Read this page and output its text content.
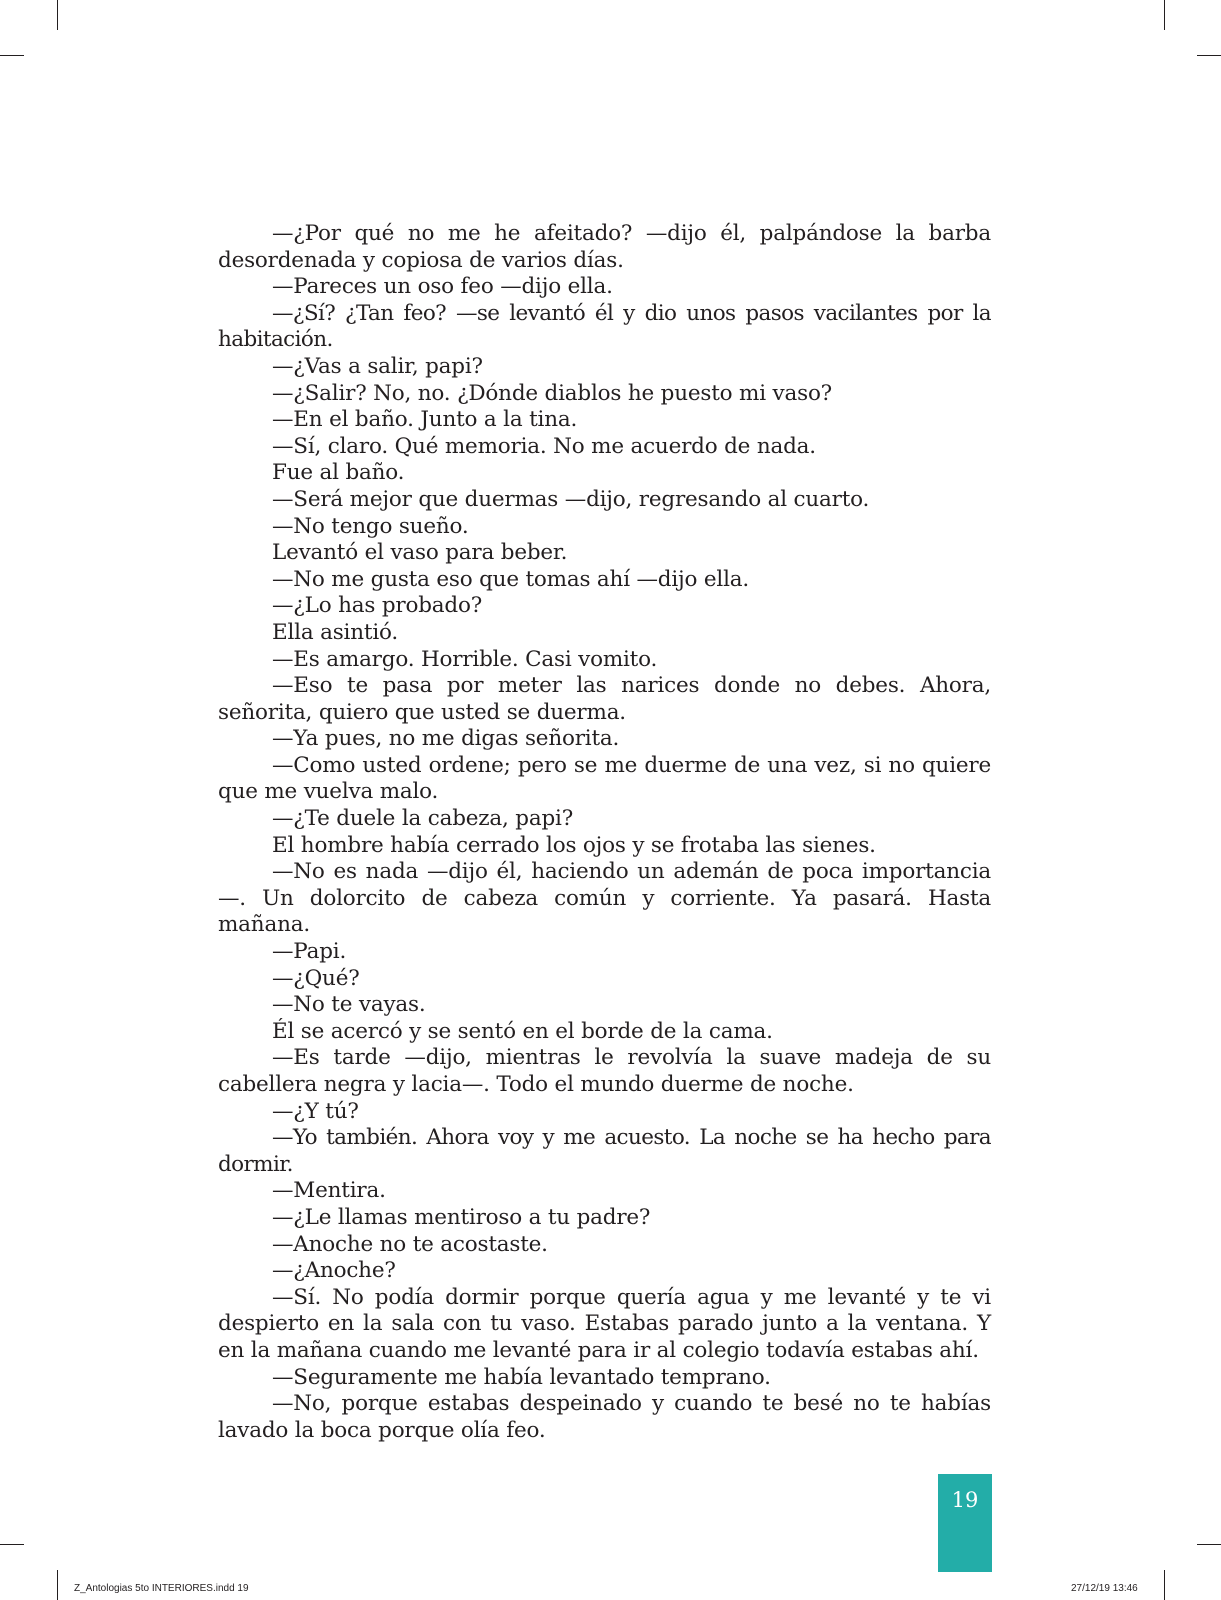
—¿Por qué no me he afeitado? —dijo él, palpándose la barba desordenada y copiosa de varios días.

—Pareces un oso feo —dijo ella.

—¿Sí? ¿Tan feo? —se levantó él y dio unos pasos vacilantes por la habitación.

—¿Vas a salir, papi?

—¿Salir? No, no. ¿Dónde diablos he puesto mi vaso?

—En el baño. Junto a la tina.

—Sí, claro. Qué memoria. No me acuerdo de nada.

Fue al baño.

—Será mejor que duermas —dijo, regresando al cuarto.

—No tengo sueño.

Levantó el vaso para beber.

—No me gusta eso que tomas ahí —dijo ella.

—¿Lo has probado?

Ella asintió.

—Es amargo. Horrible. Casi vomito.

—Eso te pasa por meter las narices donde no debes. Ahora, señorita, quiero que usted se duerma.

—Ya pues, no me digas señorita.

—Como usted ordene; pero se me duerme de una vez, si no quiere que me vuelva malo.

—¿Te duele la cabeza, papi?

El hombre había cerrado los ojos y se frotaba las sienes.

—No es nada —dijo él, haciendo un ademán de poca importancia—. Un dolorcito de cabeza común y corriente. Ya pasará. Hasta mañana.

—Papi.

—¿Qué?

—No te vayas.

Él se acercó y se sentó en el borde de la cama.

—Es tarde —dijo, mientras le revolvía la suave madeja de su cabellera negra y lacia—. Todo el mundo duerme de noche.

—¿Y tú?

—Yo también. Ahora voy y me acuesto. La noche se ha hecho para dormir.

—Mentira.

—¿Le llamas mentiroso a tu padre?

—Anoche no te acostaste.

—¿Anoche?

—Sí. No podía dormir porque quería agua y me levanté y te vi despierto en la sala con tu vaso. Estabas parado junto a la ventana. Y en la mañana cuando me levanté para ir al colegio todavía estabas ahí.

—Seguramente me había levantado temprano.

—No, porque estabas despeinado y cuando te besé no te habías lavado la boca porque olía feo.

19
Z_Antologias 5to INTERIORES.indd 19	27/12/19 13:46
